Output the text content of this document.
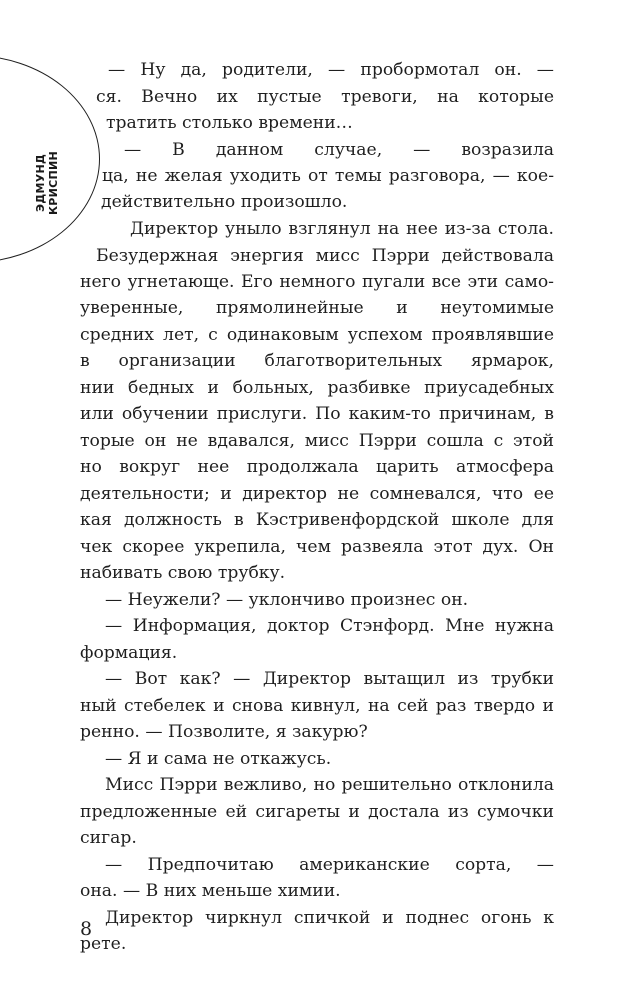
ЭДМУНД КРИСПИН
— Ну да, родители, — пробормотал он. —
ся. Вечно их пустые тревоги, на которые
тратить столько времени…
— В данном случае, — возразила
ца, не желая уходить от темы разговора, — кое-
действительно произошло.
Директор уныло взглянул на нее из-за стола.
Безудержная энергия мисс Пэрри действовала
него угнетающе. Его немного пугали все эти само-
уверенные, прямолинейные и неутомимые
средних лет, с одинаковым успехом проявлявшие
в организации благотворительных ярмарок,
нии бедных и больных, разбивке приусадебных
или обучении прислуги. По каким-то причинам, в
торые он не вдавался, мисс Пэрри сошла с этой
но вокруг нее продолжала царить атмосфера
деятельности; и директор не сомневался, что ее
кая должность в Кэстривенфордской школе для
чек скорее укрепила, чем развеяла этот дух. Он
набивать свою трубку.
— Неужели? — уклончиво произнес он.
— Информация, доктор Стэнфорд. Мне нужна
формация.
— Вот как? — Директор вытащил из трубки
ный стебелек и снова кивнул, на сей раз твердо и
ренно. — Позволите, я закурю?
— Я и сама не откажусь.
Мисс Пэрри вежливо, но решительно отклонила
предложенные ей сигареты и достала из сумочки
сигар.
— Предпочитаю американские сорта, —
она. — В них меньше химии.
Директор чиркнул спичкой и поднес огонь к
рете.
8
